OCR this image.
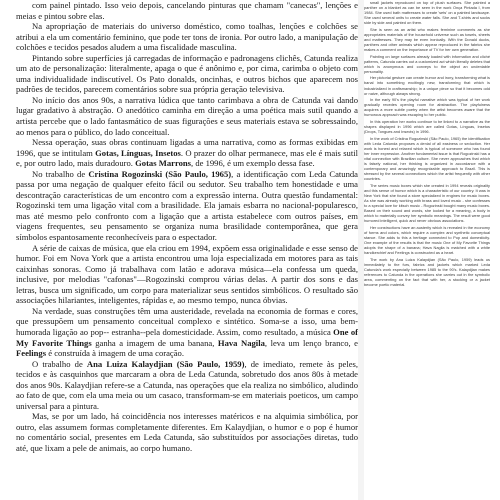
com painel pintado. Isso veio depois, cancelando pinturas que chamam "canecas", lenções e meias e pintou sobre elas.

Na apropriação de materiais do universo doméstico, como toalhas, lenções e colchões se atribui a ela um comentário feminino, que pode ter tons de ironia. Por outro lado, a manipulação de colchões e tecidos pesados aludem a uma fiscalidade masculina.

Pintando sobre superfícies já carregadas de informação e padronagens clichês, Catunda realiza um ato de personalização: literalmente, apaga o que é anônimo e, por cima, carimba o objeto com uma individualidade indiscutível. Os Pato donalds, oncinhas, e outros bichos que aparecem nos padrões de tecidos, parecem comentários sobre sua própria geração televisiva.

No início dos anos 90s, a narrativa lúdica que tanto carimbava a obra de Catunda vai dando lugar gradativo à abstração. O anedótico caminha em direção a uma poética mais sutil quando a artista percebe que o lado fantasmático de suas figurações e seus materiais estava se sobressaindo, ao menos para o público, do lado conceitual.

Nessa operação, suas obras continuam ligadas a uma narrativa, como as formas exibidas em 1996, que se intitulam Gotas, Línguas, Insetos. O prazer do olhar permanece, mas ele é mais sutil e, por outro lado, mais duradouro. Gotas Marrons, de 1996, é um exemplo dessa fase.

No trabalho de Cristina Rogozinski (São Paulo, 1965), a identificação com Leda Catunda passa por uma negação de qualquer efeito fácil ou sedutor. Seu trabalho tem honestidade e uma descontração características de um encontro com a expressão interna. Outra questão fundamental: Rogozinski tem uma ligação vital com a brasilidade. Ela jamais esbarra no nacional-popularesco, mas até mesmo pelo confronto com a ligação que a artista estabelece com outros países, em viagens frequentes, seu pensamento se organiza numa brasilidade contemporânea, que gera símbolos espantosamente reconhecíveis para o espectador.

A série de caixas de música, que ela criou em 1994, expõem essa originalidade e esse senso de humor. Foi em Nova York que a artista encontrou uma loja especializada em motores para as tais caixinhas sonoras. Como já trabalhava com latão e adorava música—ela confessa um queda, inclusive, por melodias "cafonas"—Rogozinski comprou várias delas. A partir dos sons e das letras, busca um significado, um corpo para materializar seus sentidos simbólicos. O resultado são associações hilariantes, inteligentes, rápidas e, ao mesmo tempo, nunca óbvias.

Na verdade, suas construções têm uma austeridade, revelada na economia de formas e cores, que pressupõem um pensamento conceitual complexo e sintético. Soma-se a isso, uma bem-humorada ligação ao pop-- estranha--pela domesticidade. Assim, como resultado, a música One of My Favorite Things ganha a imagem de uma banana, Hava Nagila, leva um lenço branco, e Feelings é construída à imagem de uma coração.

O trabalho de Ana Luiza Kalaydjian (São Paulo, 1959), de imediato, remete às peles, tecidos e às casquinhos que marcaram a obra de Leda Catunda, sobretudo dos anos 80s à metade dos anos 90s. Kalaydjian refere-se a Catunda, nas operações que ela realiza no simbólico, aludindo ao fato de que, com ela uma meia ou um casaco, transformam-se em materiais poeticos, um campo universal para a pintura.

Mas, se por um lado, há coincidência nos interesses matéricos e na alquimia simbólica, por outro, elas assumem formas completamente diferentes. Em Kalaydjian, o humor e o pop é humor no comentário social, presentes em Leda Catunda, são substituídos por associações diretas, tudo até, que lixam a pele de animais, ao corpo humano.

small jackets reproduced on top of plush surfaces. She painted a panther on a blanket as can be seen in the work Onça Pintada I, from 1984. She used bath mattresses to create 'sets' on a painted landscape. She used several units to create water falls. She and T-shirts and socks side by side and painted on them.

She is seen as an artist who makes feminine comments as she appropriates materials of the household universe such as towels, sheets and mattresses. They may be even ironically. With the Donald ducks, panthers and other animals which appear reproduced in the fabrics she makes a comment on the importance of TV for her own generation.

Painting on large surfaces already loaded with information and cliché patterns, Catunda carries out a customized act which literally deletes that which is anonymous and conveys to the object an undeniable personality.

Her pictorial gesture can create humor and irony, transforming what is banal into something excitingly new, transforming that which is industrialized in craftsmanship; in a unique piece so that it becomes odd or naive, although always strong.

In the early 90's the playful narrative which was typical of her work gradually recedes opening room for abstraction. The playfulness acquires a more subtle poetry when the artist becomes aware that the humorous approach was escaping to her public.

In this operation her works continue to be linked to a narrative as the shapes displayed in 1996 which are called Gotas, Línguas, Insetos (Drops, Tongues and Insects) in 1996.

In the work of Cristina Rogozinski (São Paulo, 1965) the identification with Leda Catunda proposes a denial of all easiness or seduction. Her work is honest and relaxed which is typical of someone who has found her inner expression. Another fundamental issue is that Rogozinski has a vital connection with Brazilian culture. She never approaches that which is falsely national, her thinking is organized in accordance with a contemporary and amazingly recognizable approach to Brazil. This is stressed by the several connections which the artist frequently with other countries.

The series music boxes which she created in 1994 reveals originality and this sense of humor which is a characteristic of our country. It was in New York that she found a store specialized in engines for music boxes. As she was already working with brass and loved music - she confesses to a special love for kitsch music - Rogozinski bought many music boxes. Based on their sound and words, she looked for a meaning, a body in which to materially convey her symbolic meanings. The result were good humored intelligent, quick and never obvious associations.

Her constructions have an austerity which is revealed in the economy of forms and colors, which require a complex and synthetic conceptual stance. She adds to this a heritage connected to Pop and domesticity. One example of the results is that the music One of My Favorite Things adopts the shape of a banana; Hava Nagila is matched with a white handkerchief and Feelings is constructed as a heart.

The work by Ana Luiza Kalaydjian (São Paulo, 1959) leads us immediately to the furs, fabrics and jackets which marked Leda Catunda's work especially between 1985 to the 90's. Kalaydjian makes references to Catunda in the operations she carries out in the symbolic area, commenting on the fact that with her, a stocking or a jacket become poetic material.
